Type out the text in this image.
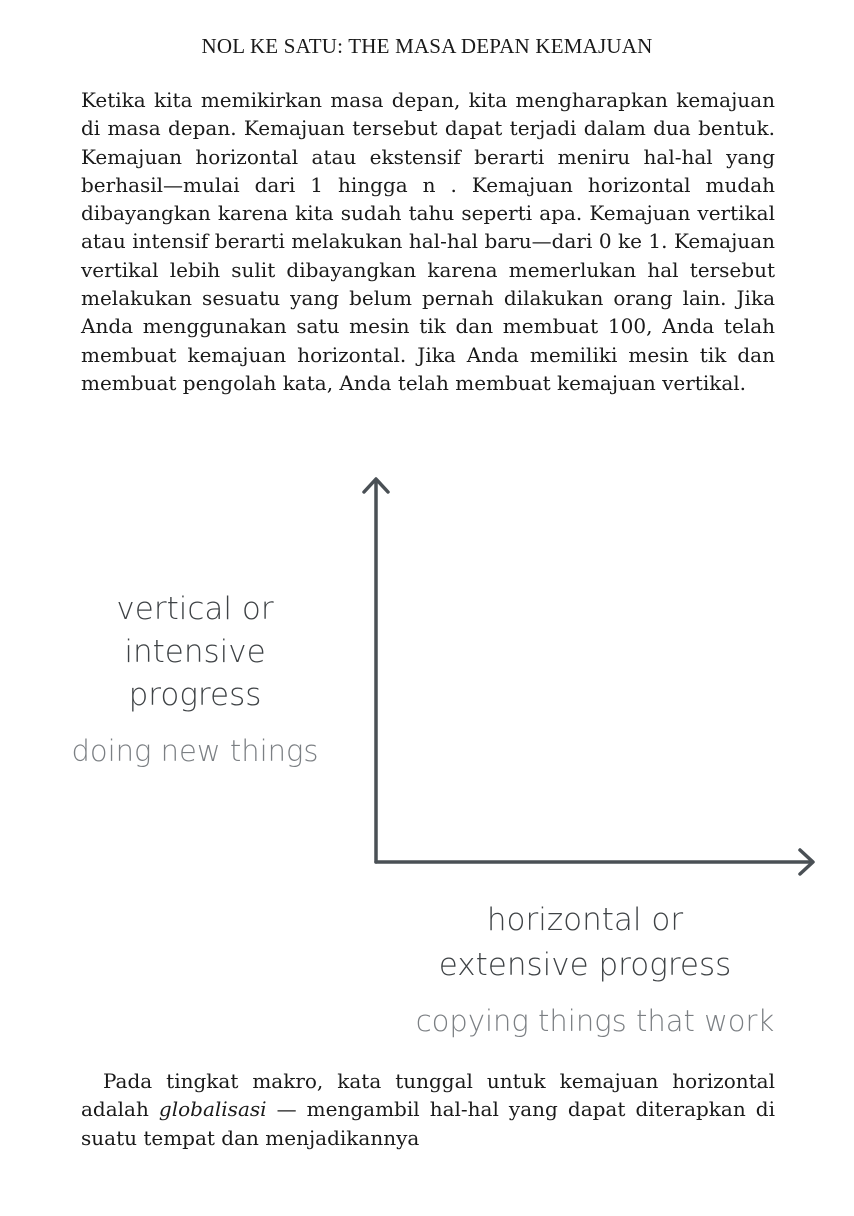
NOL KE SATU: THE MASA DEPAN KEMAJUAN

Ketika kita memikirkan masa depan, kita mengharapkan kemajuan di masa depan. Kemajuan tersebut dapat terjadi dalam dua bentuk. Kemajuan horizontal atau ekstensif berarti meniru hal-hal yang berhasil—mulai dari 1 hingga n . Kemajuan horizontal mudah dibayangkan karena kita sudah tahu seperti apa. Kemajuan vertikal atau intensif berarti melakukan hal-hal baru—dari 0 ke 1. Kemajuan vertikal lebih sulit dibayangkan karena memerlukan hal tersebut melakukan sesuatu yang belum pernah dilakukan orang lain. Jika Anda menggunakan satu mesin tik dan membuat 100, Anda telah membuat kemajuan horizontal. Jika Anda memiliki mesin tik dan membuat pengolah kata, Anda telah membuat kemajuan vertikal.

vertical or
intensive
progress
doing new things
horizontal or
extensive progress
copying things that work

Pada tingkat makro, kata tunggal untuk kemajuan horizontal adalah globalisasi — mengambil hal-hal yang dapat diterapkan di suatu tempat dan menjadikannya
